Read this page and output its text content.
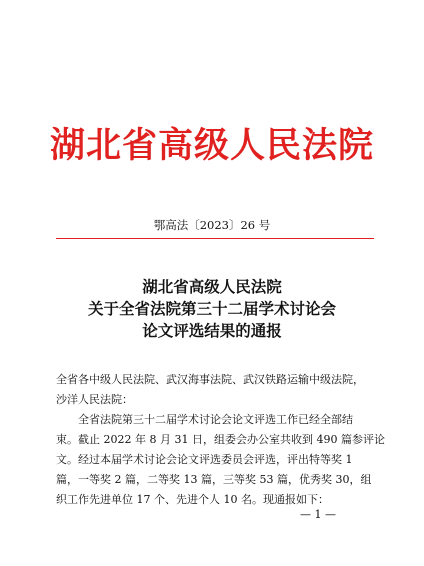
湖北省高级人民法院
鄂高法〔2023〕26 号
湖北省高级人民法院
关于全省法院第三十二届学术讨论会
论文评选结果的通报
全省各中级人民法院、武汉海事法院、武汉铁路运输中级法院，
沙洋人民法院：
全省法院第三十二届学术讨论会论文评选工作已经全部结
束。截止 2022 年 8 月 31 日，组委会办公室共收到 490 篇参评论
文。经过本届学术讨论会论文评选委员会评选，评出特等奖 1
篇，一等奖 2 篇，二等奖 13 篇，三等奖 53 篇，优秀奖 30，组
织工作先进单位 17 个、先进个人 10 名。现通报如下：
— 1 —
